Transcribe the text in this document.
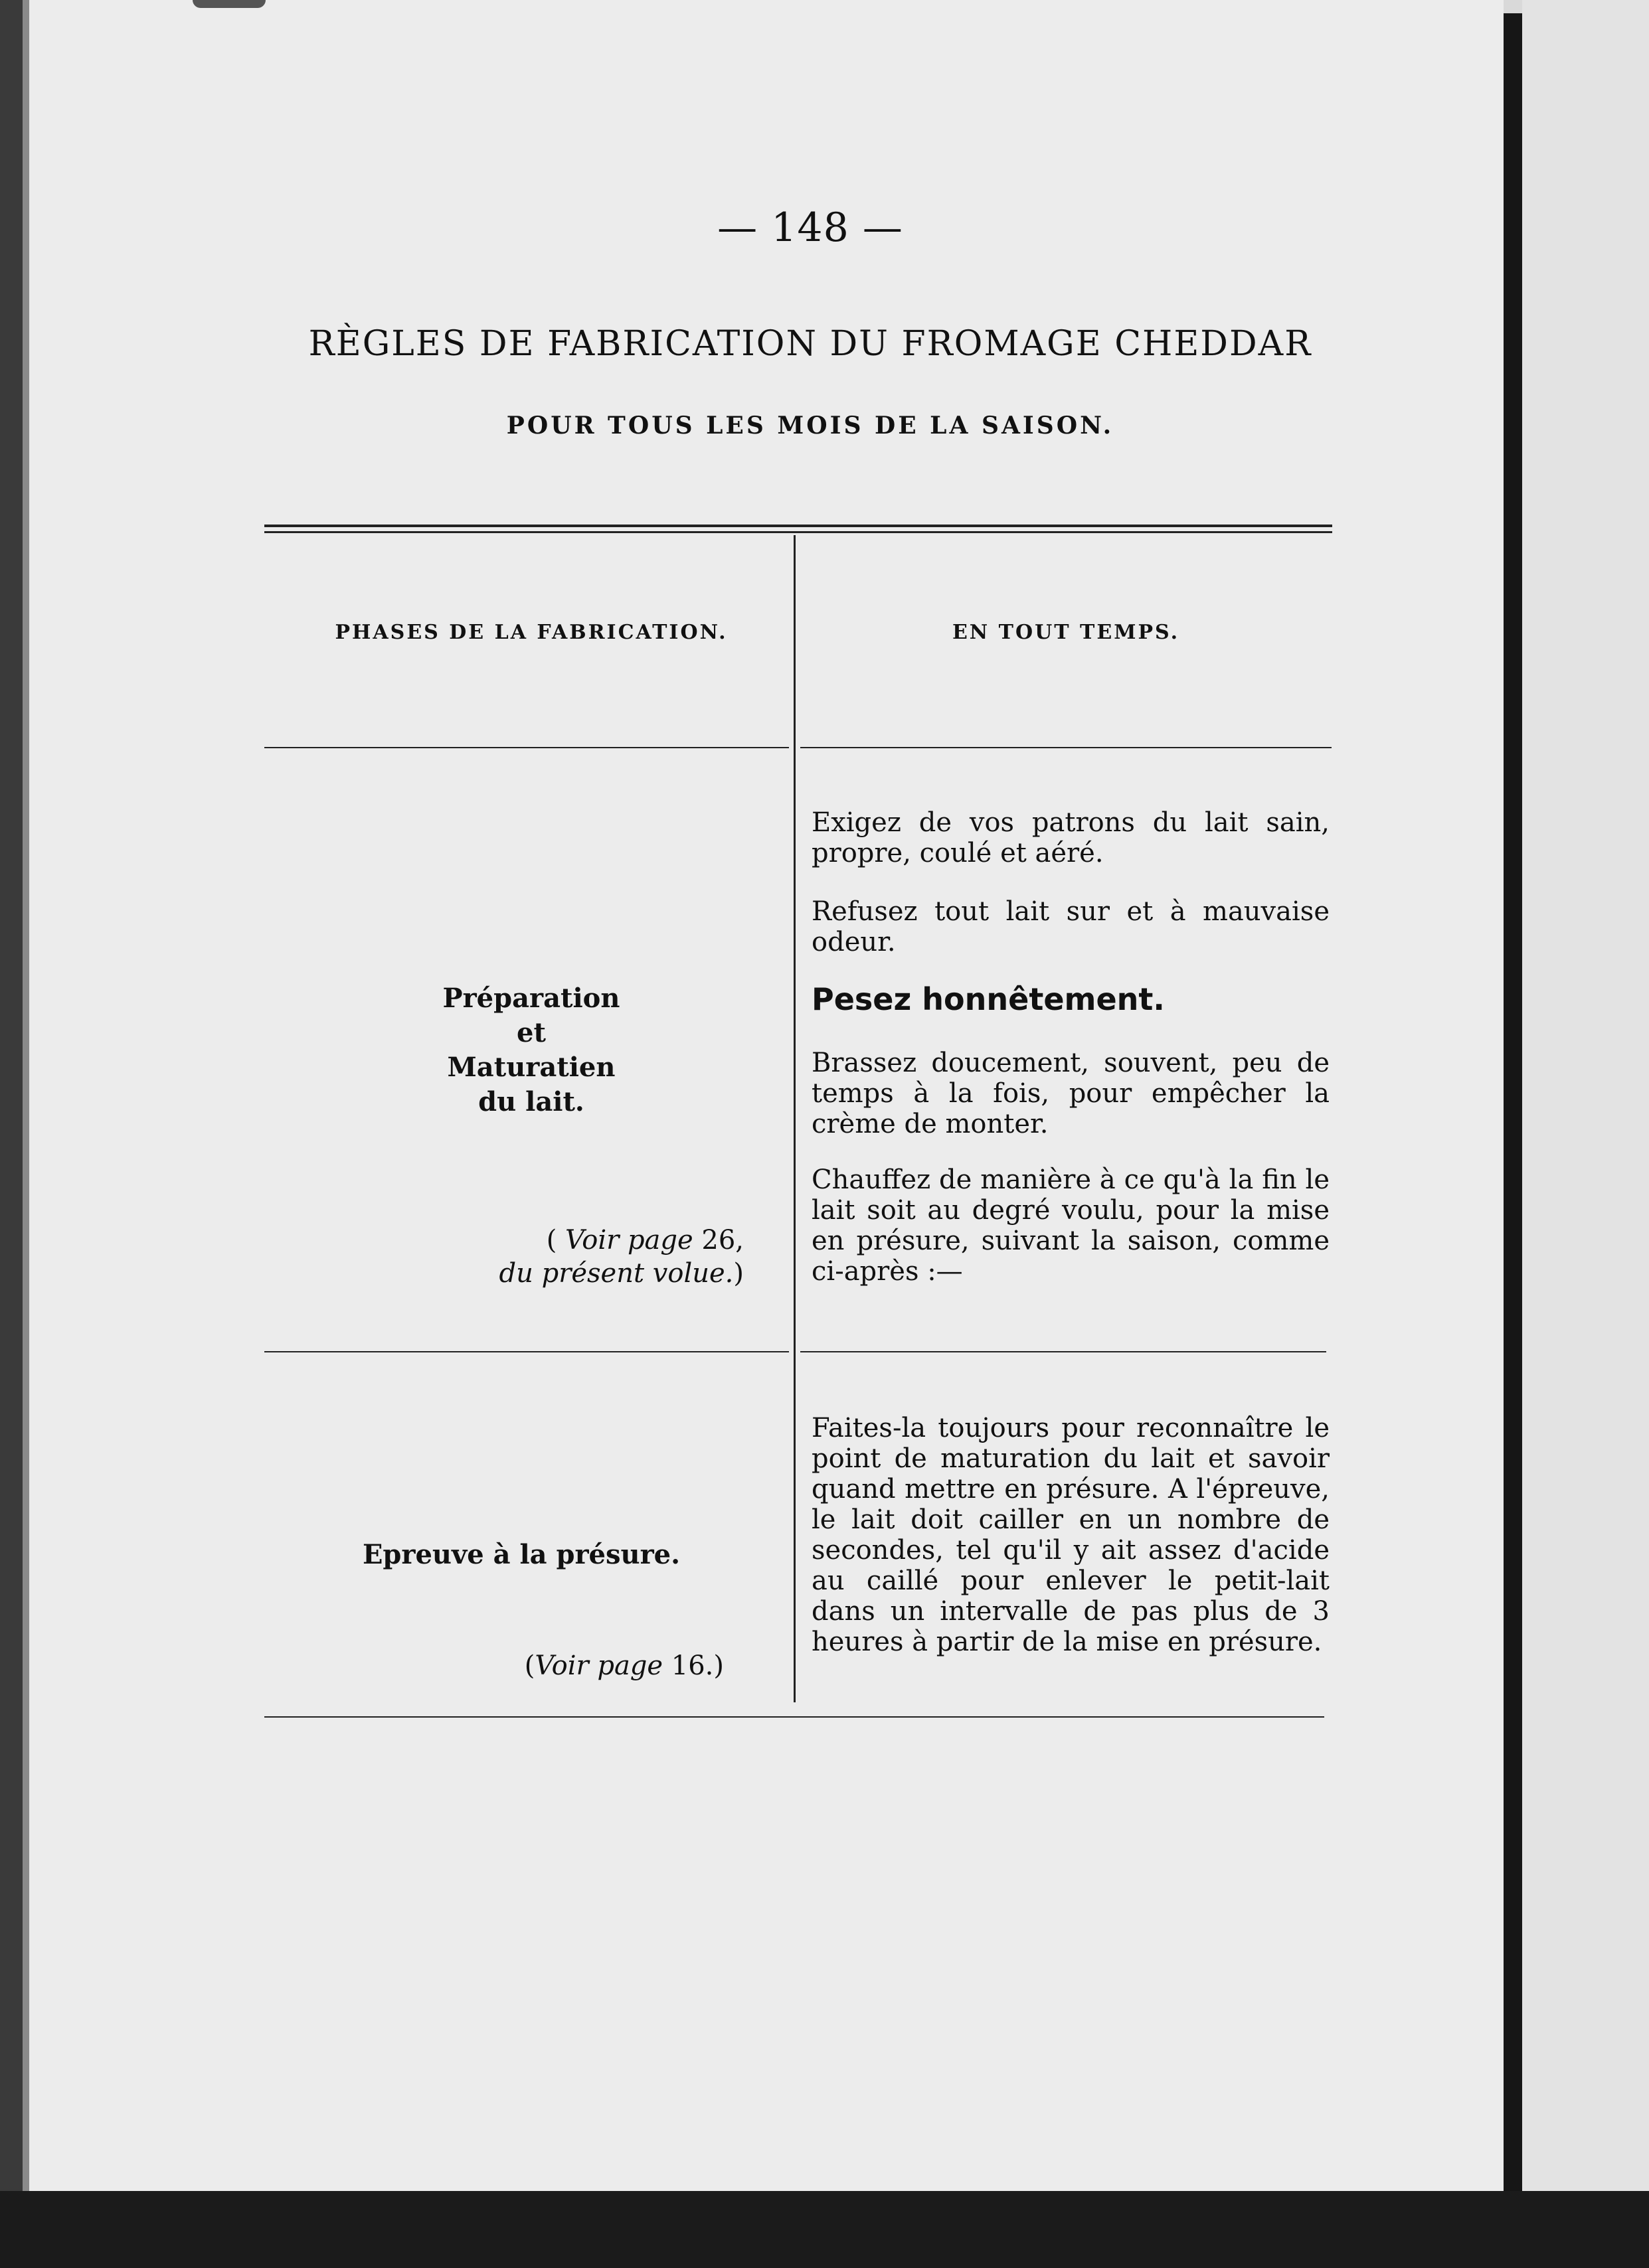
— 148 —
RÈGLES DE FABRICATION DU FROMAGE CHEDDAR
POUR TOUS LES MOIS DE LA SAISON.
PHASES DE LA FABRICATION.	EN TOUT TEMPS.
Préparation
et
Maturatien
du lait.
( Voir page 26,
du présent volue.)
Exigez de vos patrons du lait sain, propre, coulé et aéré.
Refusez tout lait sur et à mauvaise odeur.
Pesez honnêtement.
Brassez doucement, souvent, peu de temps à la fois, pour empêcher la crème de monter.
Chauffez de manière à ce qu'à la fin le lait soit au degré voulu, pour la mise en présure, suivant la saison, comme ci-après :—
Epreuve à la présure.
(Voir page 16.)
Faites-la toujours pour reconnaître le point de maturation du lait et savoir quand mettre en présure. A l'épreuve, le lait doit cailler en un nombre de secondes, tel qu'il y ait assez d'acide au caillé pour enlever le petit-lait dans un intervalle de pas plus de 3 heures à partir de la mise en présure.
